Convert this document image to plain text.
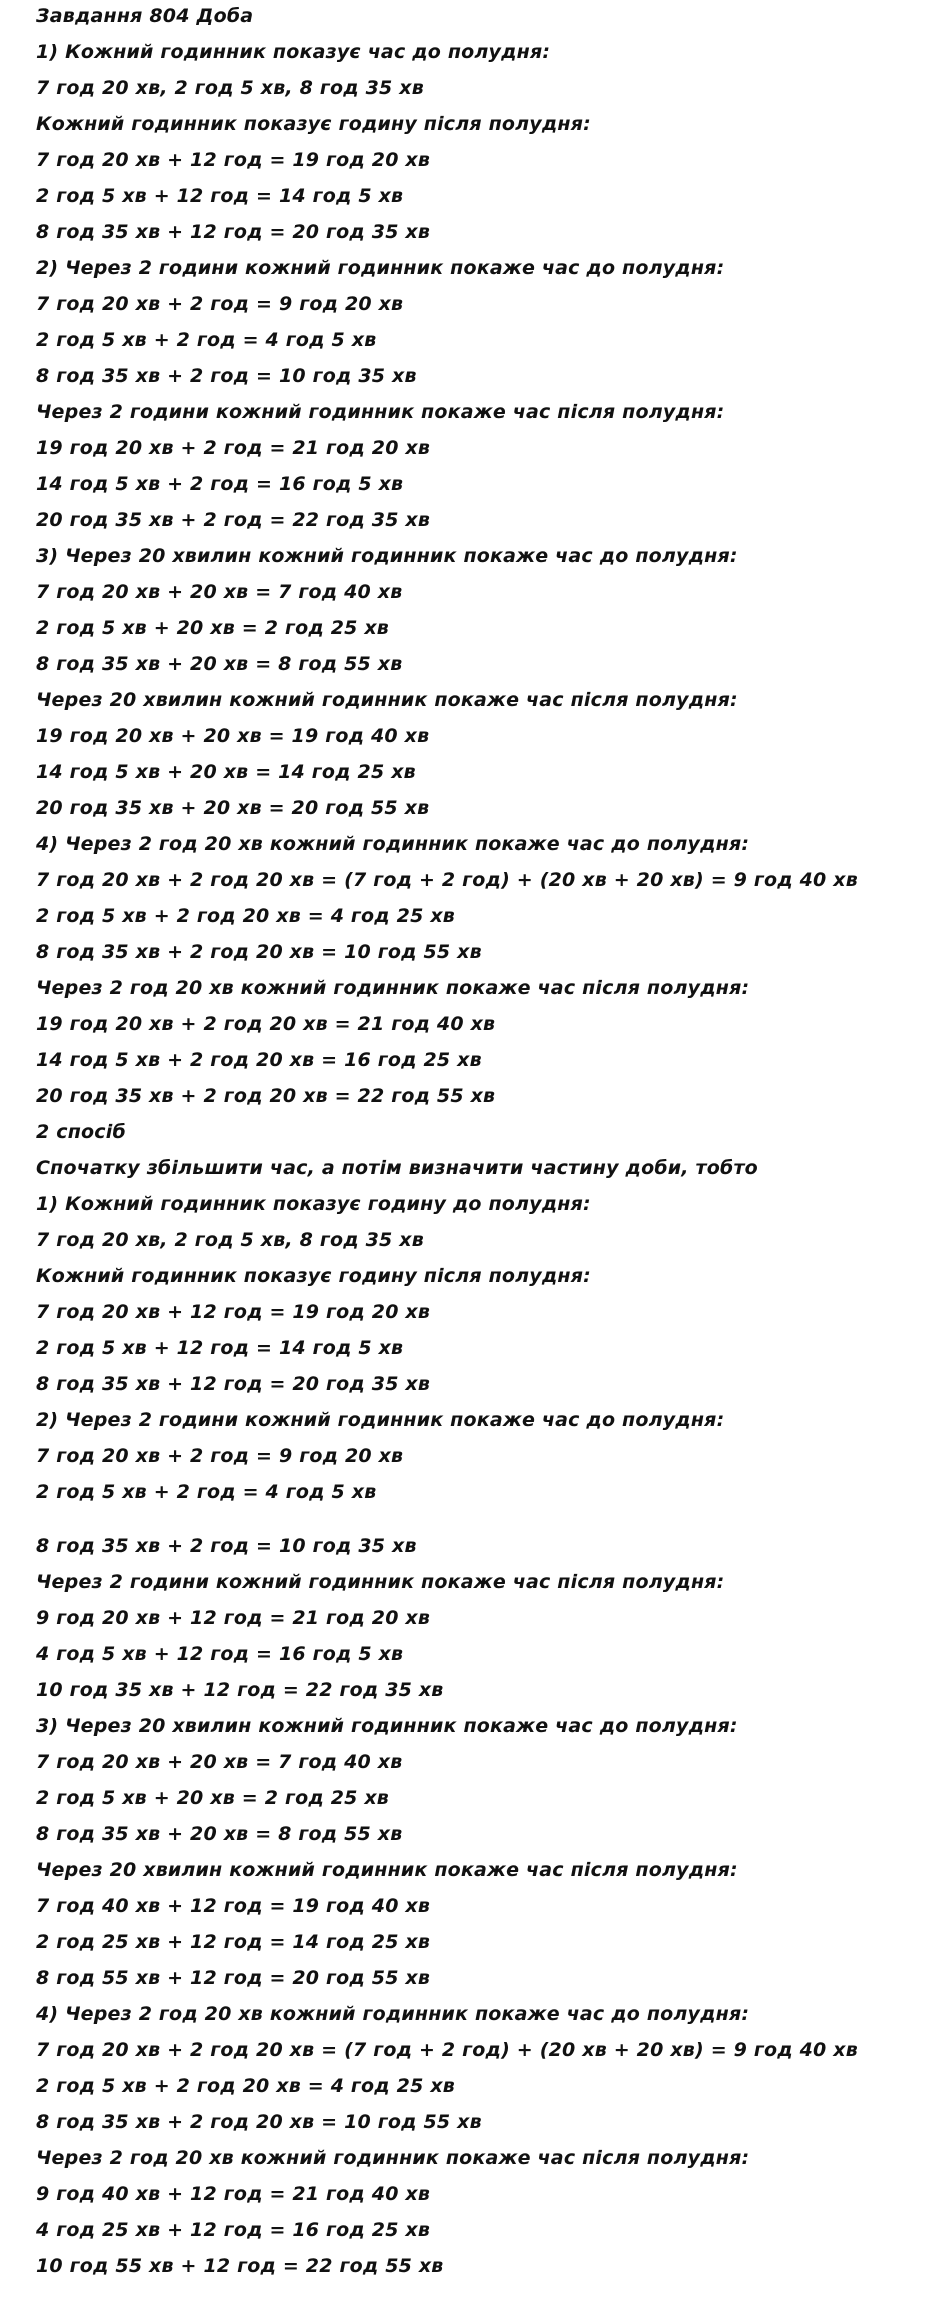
Завдання 804 Доба
1) Кожний годинник показує час до полудня:
7 год 20 хв, 2 год 5 хв, 8 год 35 хв
Кожний годинник показує годину після полудня:
7 год 20 хв + 12 год = 19 год 20 хв
2 год 5 хв + 12 год = 14 год 5 хв
8 год 35 хв + 12 год = 20 год 35 хв
2) Через 2 години кожний годинник покаже час до полудня:
7 год 20 хв + 2 год = 9 год 20 хв
2 год 5 хв + 2 год = 4 год 5 хв
8 год 35 хв + 2 год = 10 год 35 хв
Через 2 години кожний годинник покаже час після полудня:
19 год 20 хв + 2 год = 21 год 20 хв
14 год 5 хв + 2 год = 16 год 5 хв
20 год 35 хв + 2 год = 22 год 35 хв
3) Через 20 хвилин кожний годинник покаже час до полудня:
7 год 20 хв + 20 хв = 7 год 40 хв
2 год 5 хв + 20 хв = 2 год 25 хв
8 год 35 хв + 20 хв = 8 год 55 хв
Через 20 хвилин кожний годинник покаже час після полудня:
19 год 20 хв + 20 хв = 19 год 40 хв
14 год 5 хв + 20 хв = 14 год 25 хв
20 год 35 хв + 20 хв = 20 год 55 хв
4) Через 2 год 20 хв кожний годинник покаже час до полудня:
7 год 20 хв + 2 год 20 хв = (7 год + 2 год) + (20 хв + 20 хв) = 9 год 40 хв
2 год 5 хв + 2 год 20 хв = 4 год 25 хв
8 год 35 хв + 2 год 20 хв = 10 год 55 хв
Через 2 год 20 хв кожний годинник покаже час після полудня:
19 год 20 хв + 2 год 20 хв = 21 год 40 хв
14 год 5 хв + 2 год 20 хв = 16 год 25 хв
20 год 35 хв + 2 год 20 хв = 22 год 55 хв
2 спосіб
Спочатку збільшити час, а потім визначити частину доби, тобто
1) Кожний годинник показує годину до полудня:
7 год 20 хв, 2 год 5 хв, 8 год 35 хв
Кожний годинник показує годину після полудня:
7 год 20 хв + 12 год = 19 год 20 хв
2 год 5 хв + 12 год = 14 год 5 хв
8 год 35 хв + 12 год = 20 год 35 хв
2) Через 2 години кожний годинник покаже час до полудня:
7 год 20 хв + 2 год = 9 год 20 хв
2 год 5 хв + 2 год = 4 год 5 хв
8 год 35 хв + 2 год = 10 год 35 хв
Через 2 години кожний годинник покаже час після полудня:
9 год 20 хв + 12 год = 21 год 20 хв
4 год 5 хв + 12 год = 16 год 5 хв
10 год 35 хв + 12 год = 22 год 35 хв
3) Через 20 хвилин кожний годинник покаже час до полудня:
7 год 20 хв + 20 хв = 7 год 40 хв
2 год 5 хв + 20 хв = 2 год 25 хв
8 год 35 хв + 20 хв = 8 год 55 хв
Через 20 хвилин кожний годинник покаже час після полудня:
7 год 40 хв + 12 год = 19 год 40 хв
2 год 25 хв + 12 год = 14 год 25 хв
8 год 55 хв + 12 год = 20 год 55 хв
4) Через 2 год 20 хв кожний годинник покаже час до полудня:
7 год 20 хв + 2 год 20 хв = (7 год + 2 год) + (20 хв + 20 хв) = 9 год 40 хв
2 год 5 хв + 2 год 20 хв = 4 год 25 хв
8 год 35 хв + 2 год 20 хв = 10 год 55 хв
Через 2 год 20 хв кожний годинник покаже час після полудня:
9 год 40 хв + 12 год = 21 год 40 хв
4 год 25 хв + 12 год = 16 год 25 хв
10 год 55 хв + 12 год = 22 год 55 хв
